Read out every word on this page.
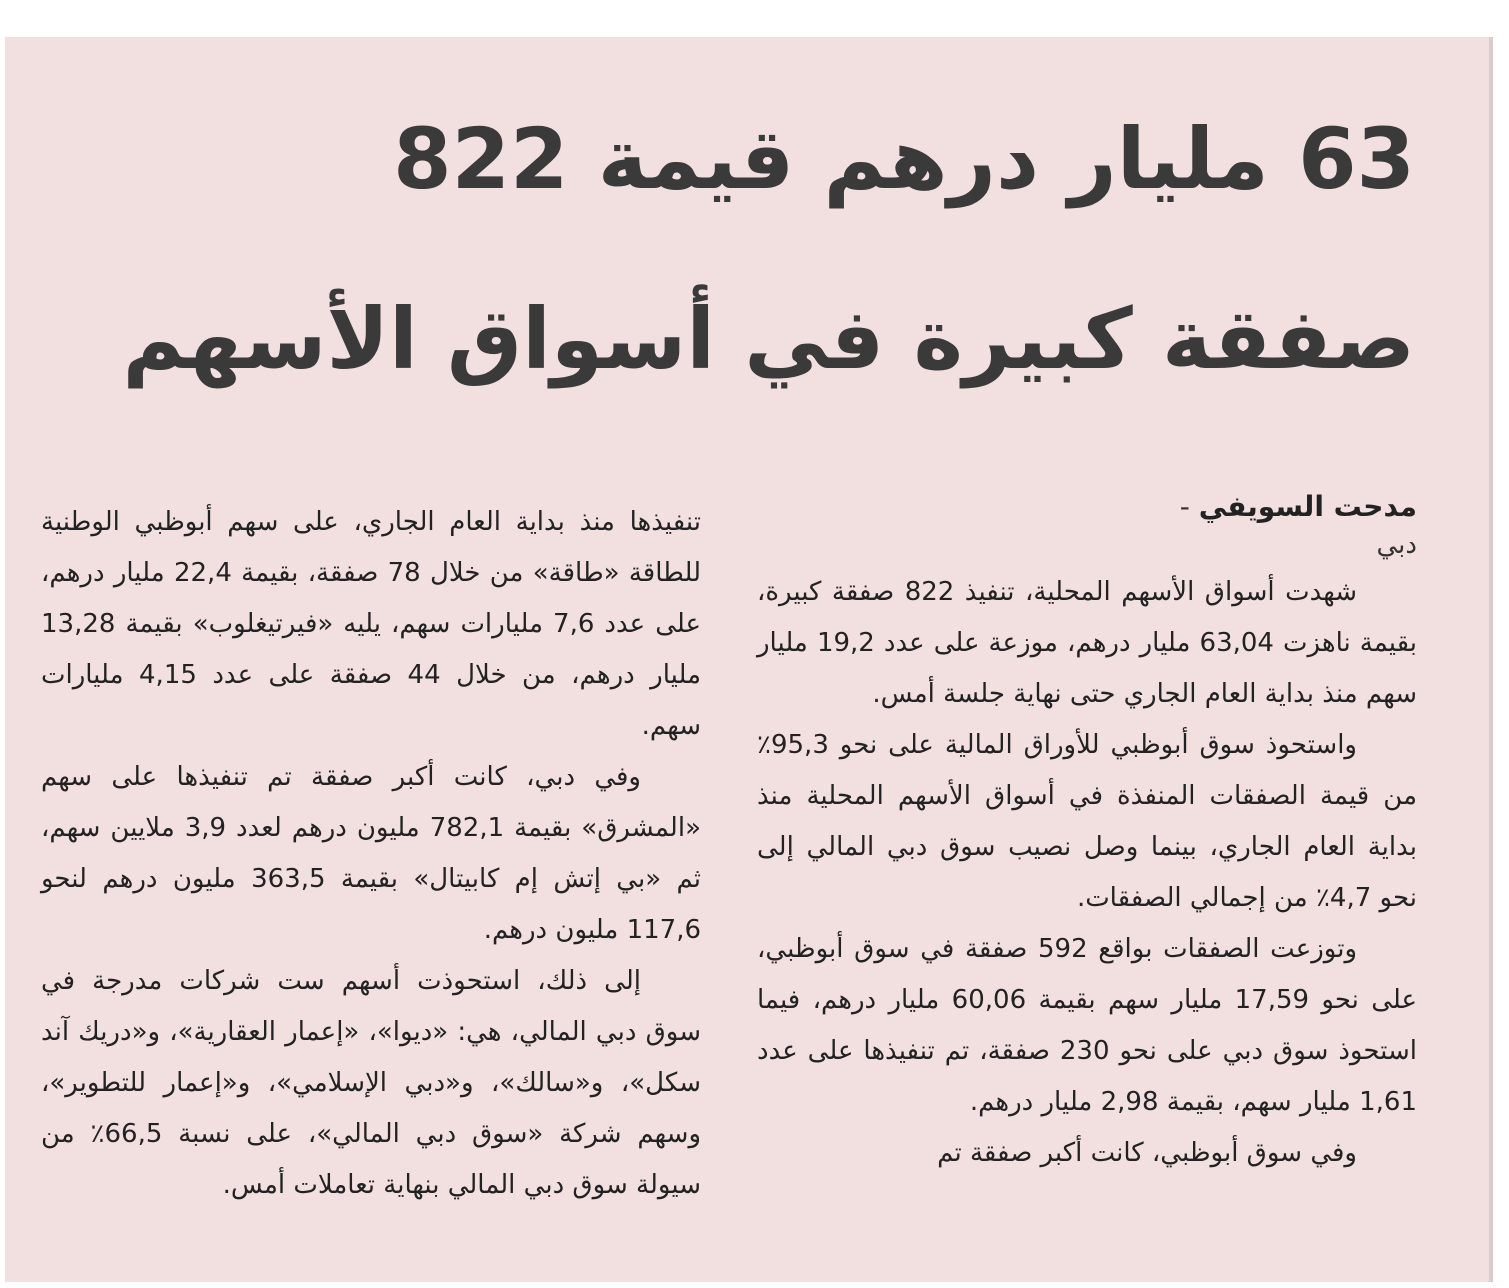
63 مليار درهم قيمة 822
صفقة كبيرة في أسواق الأسهم

مدحت السويفي -

دبي

شهدت أسواق الأسهم المحلية، تنفيذ 822 صفقة كبيرة، بقيمة ناهزت 63,04 مليار درهم، موزعة على عدد 19,2 مليار سهم منذ بداية العام الجاري حتى نهاية جلسة أمس.

واستحوذ سوق أبوظبي للأوراق المالية على نحو 95,3٪ من قيمة الصفقات المنفذة في أسواق الأسهم المحلية منذ بداية العام الجاري، بينما وصل نصيب سوق دبي المالي إلى نحو 4,7٪ من إجمالي الصفقات.

وتوزعت الصفقات بواقع 592 صفقة في سوق أبوظبي، على نحو 17,59 مليار سهم بقيمة 60,06 مليار درهم، فيما استحوذ سوق دبي على نحو 230 صفقة، تم تنفيذها على عدد 1,61 مليار سهم، بقيمة 2,98 مليار درهم.

وفي سوق أبوظبي، كانت أكبر صفقة تم

تنفيذها منذ بداية العام الجاري، على سهم أبوظبي الوطنية للطاقة «طاقة» من خلال 78 صفقة، بقيمة 22,4 مليار درهم، على عدد 7,6 مليارات سهم، يليه «فيرتيغلوب» بقيمة 13,28 مليار درهم، من خلال 44 صفقة على عدد 4,15 مليارات سهم.

وفي دبي، كانت أكبر صفقة تم تنفيذها على سهم «المشرق» بقيمة 782,1 مليون درهم لعدد 3,9 ملايين سهم، ثم «بي إتش إم كابيتال» بقيمة 363,5 مليون درهم لنحو 117,6 مليون درهم.

إلى ذلك، استحوذت أسهم ست شركات مدرجة في سوق دبي المالي، هي: «ديوا»، «إعمار العقارية»، و«دريك آند سكل»، و«سالك»، و«دبي الإسلامي»، و«إعمار للتطوير»، وسهم شركة «سوق دبي المالي»، على نسبة 66,5٪ من سيولة سوق دبي المالي بنهاية تعاملات أمس.
